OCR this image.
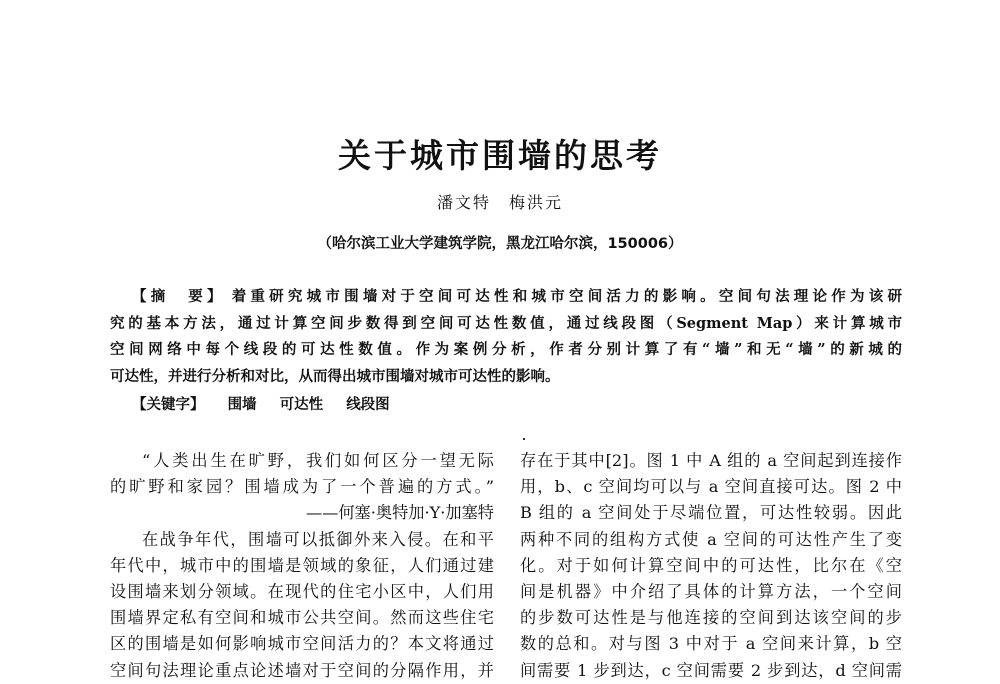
关于城市围墙的思考
潘文特　梅洪元
（哈尔滨工业大学建筑学院，黑龙江哈尔滨，150006）
【摘　要】 着重研究城市围墙对于空间可达性和城市空间活力的影响。空间句法理论作为该研
究的基本方法，通过计算空间步数得到空间可达性数值，通过线段图（Segment Map）来计算城市
空间网络中每个线段的可达性数值。作为案例分析，作者分别计算了有“墙”和无“墙”的新城的
可达性，并进行分析和对比，从而得出城市围墙对城市可达性的影响。
【关键字】 围墙 可达性 线段图
“人类出生在旷野，我们如何区分一望无际
的旷野和家园？围墙成为了一个普遍的方式。”
——何塞·奥特加·Y·加塞特
在战争年代，围墙可以抵御外来入侵。在和平
年代中，城市中的围墙是领域的象征，人们通过建
设围墙来划分领域。在现代的住宅小区中，人们用
围墙界定私有空间和城市公共空间。然而这些住宅
区的围墙是如何影响城市空间活力的？本文将通过
空间句法理论重点论述墙对于空间的分隔作用，并
存在于其中[2]。图 1 中 A 组的 a 空间起到连接作
用，b、c 空间均可以与 a 空间直接可达。图 2 中
B 组的 a 空间处于尽端位置，可达性较弱。因此
两种不同的组构方式使 a 空间的可达性产生了变
化。对于如何计算空间中的可达性，比尔在《空
间是机器》中介绍了具体的计算方法，一个空间
的步数可达性是与他连接的空间到达该空间的步
数的总和。对与图 3 中对于 a 空间来计算，b 空
间需要 1 步到达，c 空间需要 2 步到达，d 空间需
